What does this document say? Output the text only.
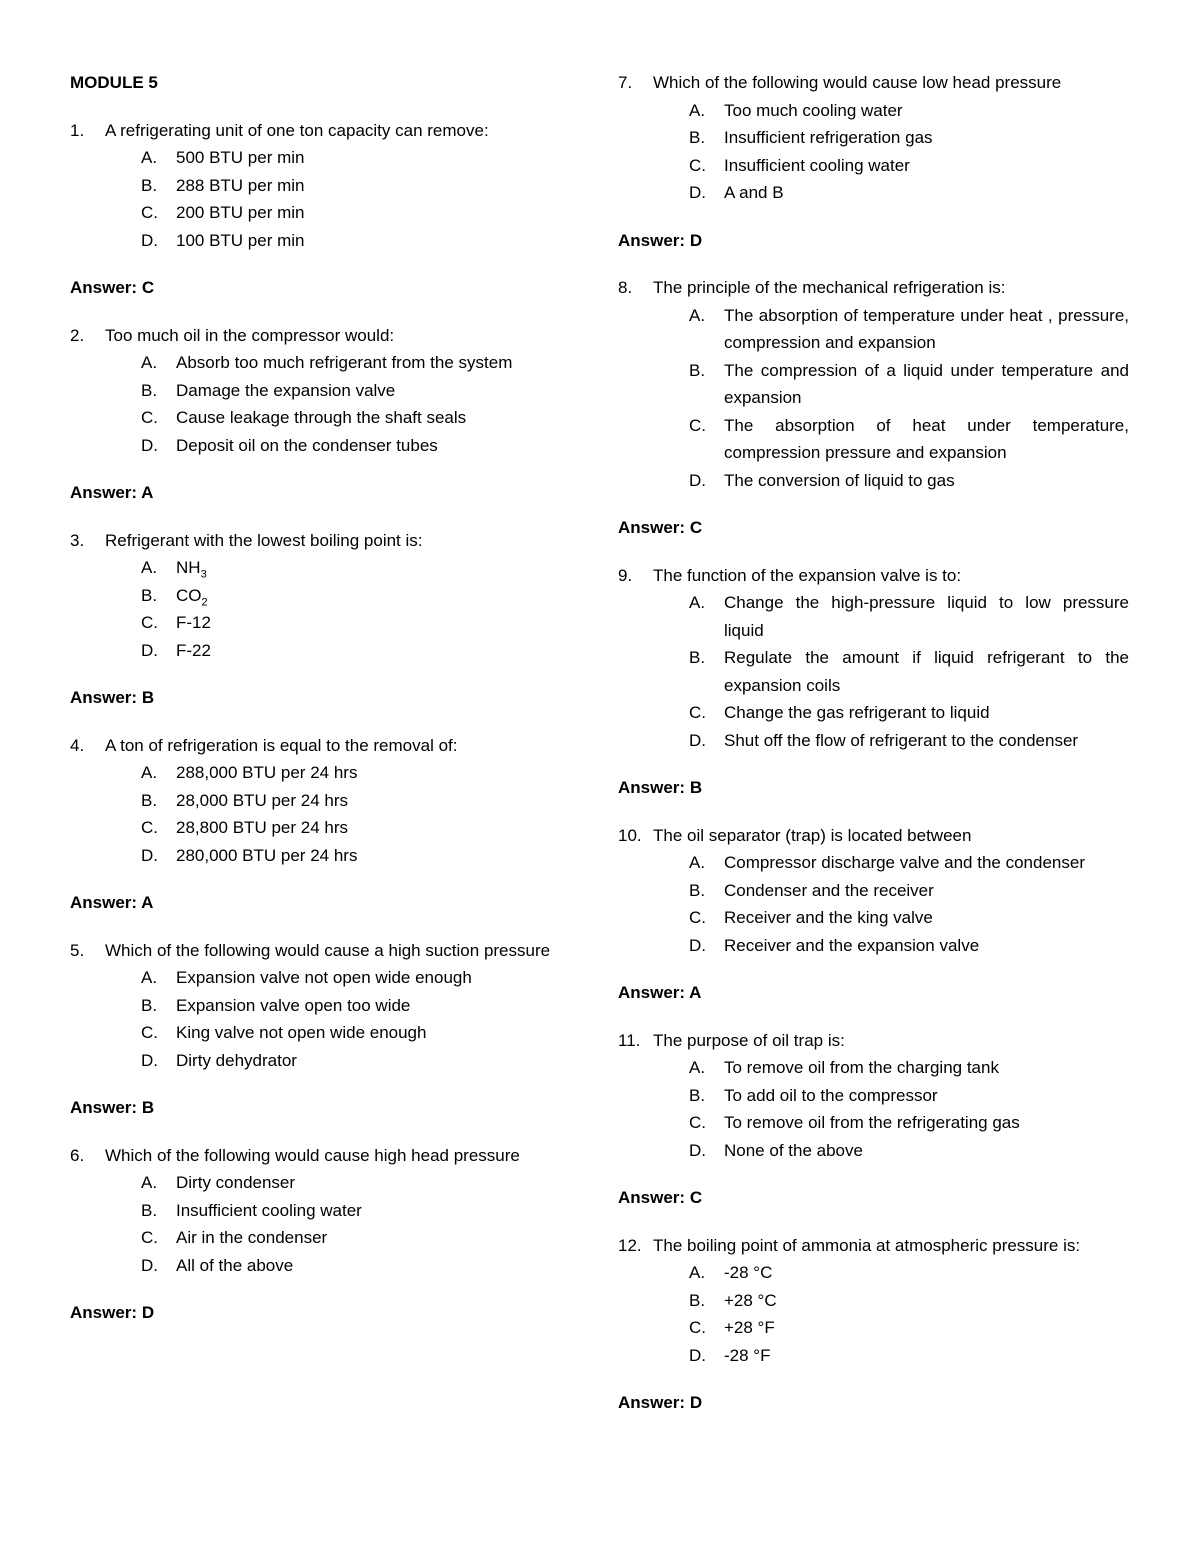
MODULE 5
1.	A refrigerating unit of one ton capacity can remove:
A.	500 BTU per min
B.	288 BTU per min
C.	200 BTU per min
D.	100 BTU per min
Answer: C
2.	Too much oil in the compressor would:
A.	Absorb too much refrigerant from the system
B.	Damage the expansion valve
C.	Cause leakage through the shaft seals
D.	Deposit oil on the condenser tubes
Answer: A
3.	Refrigerant with the lowest boiling point is:
A.	$NH_3$
B.	$CO_2$
C.	F-12
D.	F-22
Answer: B
4.	A ton of refrigeration is equal to the removal of:
A.	288,000 BTU per 24 hrs
B.	28,000 BTU per 24 hrs
C.	28,800 BTU per 24 hrs
D.	280,000 BTU per 24 hrs
Answer: A
5.	Which of the following would cause a high suction pressure
A.	Expansion valve not open wide enough
B.	Expansion valve open too wide
C.	King valve not open wide enough
D.	Dirty dehydrator
Answer: B
6.	Which of the following would cause high head pressure
A.	Dirty condenser
B.	Insufficient cooling water
C.	Air in the condenser
D.	All of the above
Answer: D
7.	Which of the following would cause low head pressure
A.	Too much cooling water
B.	Insufficient refrigeration gas
C.	Insufficient cooling water
D.	A and B
Answer: D
8.	The principle of the mechanical refrigeration is:
A.	The absorption of temperature under heat , pressure, compression and expansion
B.	The compression of a liquid under temperature and expansion
C.	The absorption of heat under temperature, compression pressure and expansion
D.	The conversion of liquid to gas
Answer: C
9.	The function of the expansion valve is to:
A.	Change the high-pressure liquid to low pressure liquid
B.	Regulate the amount if liquid refrigerant to the expansion coils
C.	Change the gas refrigerant to liquid
D.	Shut off the flow of refrigerant to the condenser
Answer: B
10. The oil separator (trap) is located between
A.	Compressor discharge valve and the condenser
B.	Condenser and the receiver
C.	Receiver and the king valve
D.	Receiver and the expansion valve
Answer: A
11. The purpose of oil trap is:
A.	To remove oil from the charging tank
B.	To add oil to the compressor
C.	To remove oil from the refrigerating gas
D.	None of the above
Answer: C
12. The boiling point of ammonia at atmospheric pressure is:
A.	-28 °C
B.	+28 °C
C.	+28 °F
D.	-28 °F
Answer: D
